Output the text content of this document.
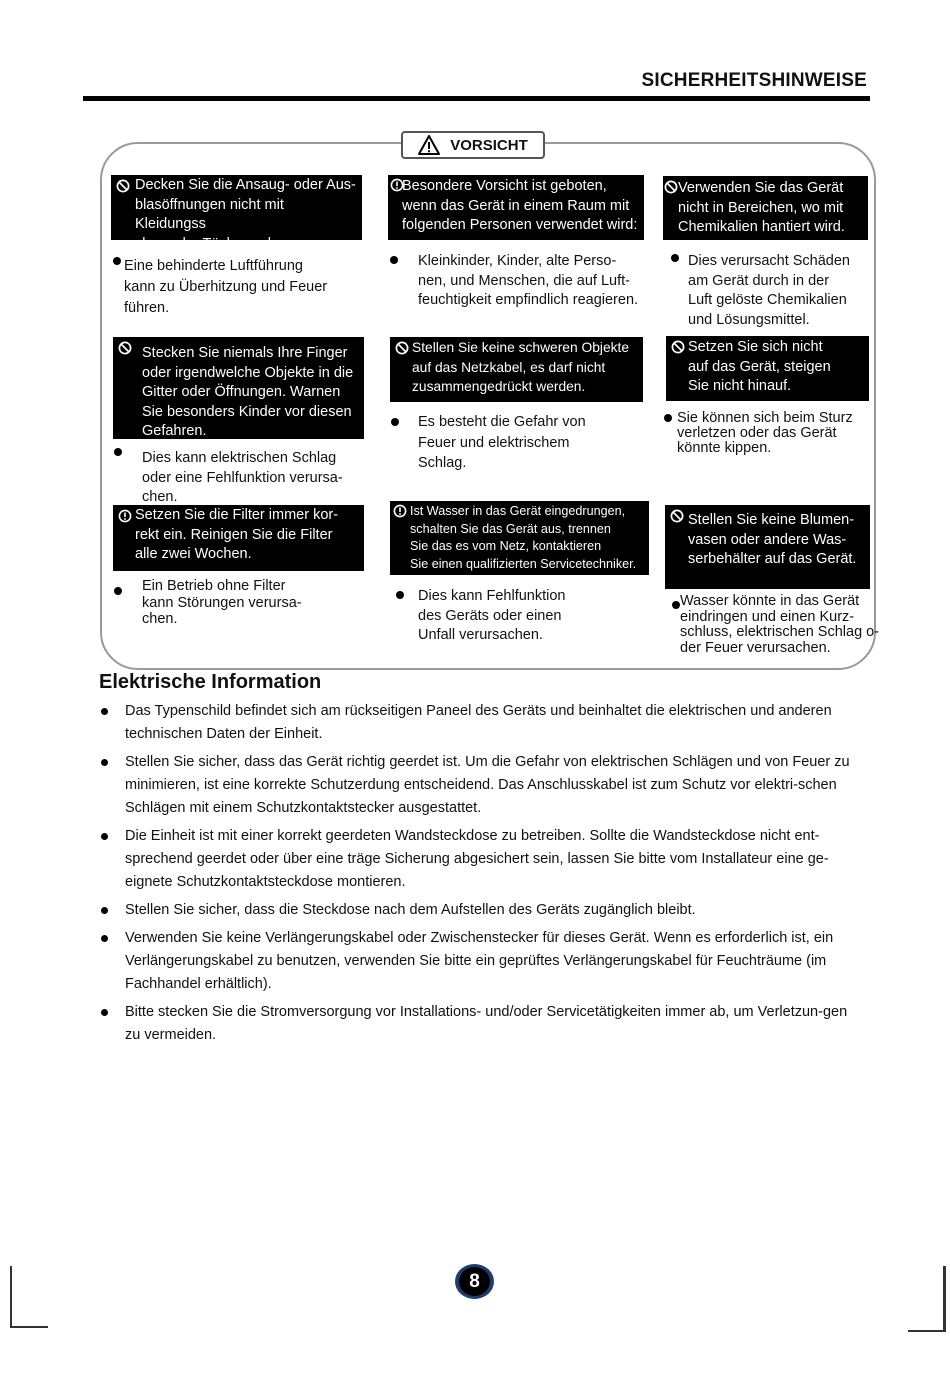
SICHERHEITSHINWEISE
VORSICHT
Decken Sie die Ansaug- oder Aus-
blasöffnungen nicht mit Kleidungss
cken oder Tüchern ab.
Eine behinderte Luftführung
kann zu Überhitzung und Feuer
führen.
Stecken Sie niemals Ihre Finger
oder irgendwelche Objekte in die
Gitter oder Öffnungen. Warnen
Sie besonders Kinder vor diesen
Gefahren.
Dies kann elektrischen Schlag
oder eine Fehlfunktion verursa-
chen.
Setzen Sie die Filter immer kor-
rekt ein. Reinigen Sie die Filter
alle zwei Wochen.
Ein Betrieb ohne Filter
kann Störungen verursa-
chen.
Besondere Vorsicht ist geboten,
wenn das Gerät in einem Raum mit
folgenden Personen verwendet wird:
Kleinkinder, Kinder, alte Perso-
nen, und Menschen, die auf Luft-
feuchtigkeit empfindlich reagieren.
Stellen Sie keine schweren Objekte
auf das Netzkabel, es darf nicht
zusammengedrückt werden.
Es besteht die Gefahr von
Feuer und elektrischem
Schlag.
Ist Wasser in das Gerät eingedrungen,
schalten Sie das Gerät aus, trennen
Sie das es vom Netz, kontaktieren
Sie einen qualifizierten Servicetechniker.
Dies kann Fehlfunktion
des Geräts oder einen
Unfall verursachen.
Verwenden Sie das Gerät
nicht in Bereichen, wo mit
Chemikalien hantiert wird.
Dies verursacht Schäden
am Gerät durch in der
Luft gelöste Chemikalien
und Lösungsmittel.
Setzen Sie sich nicht
auf das Gerät, steigen
Sie nicht hinauf.
Sie können sich beim Sturz
verletzen oder das Gerät
könnte kippen.
Stellen Sie keine Blumen-
vasen oder andere Was-
serbehälter auf das Gerät.
Wasser könnte in das Gerät
eindringen und einen Kurz-
schluss, elektrischen Schlag o-
der Feuer verursachen.
Elektrische Information
Das Typenschild befindet sich am rückseitigen Paneel des Geräts und beinhaltet die elektrischen und anderen technischen Daten der Einheit.
Stellen Sie sicher, dass das Gerät richtig geerdet ist. Um die Gefahr von elektrischen Schlägen und von Feuer zu minimieren, ist eine korrekte Schutzerdung entscheidend. Das Anschlusskabel ist zum Schutz vor elektri-schen Schlägen mit einem Schutzkontaktstecker ausgestattet.
Die Einheit ist mit einer korrekt geerdeten Wandsteckdose zu betreiben. Sollte die Wandsteckdose nicht ent-sprechend geerdet oder über eine träge Sicherung abgesichert sein, lassen Sie bitte vom Installateur eine ge-eignete Schutzkontaktsteckdose montieren.
Stellen Sie sicher, dass die Steckdose nach dem Aufstellen des Geräts zugänglich bleibt.
Verwenden Sie keine Verlängerungskabel oder Zwischenstecker für dieses Gerät. Wenn es erforderlich ist, ein Verlängerungskabel zu benutzen, verwenden Sie bitte ein geprüftes Verlängerungskabel für Feuchträume (im Fachhandel erhältlich).
Bitte stecken Sie die Stromversorgung vor Installations- und/oder Servicetätigkeiten immer ab, um Verletzun-gen zu vermeiden.
8
